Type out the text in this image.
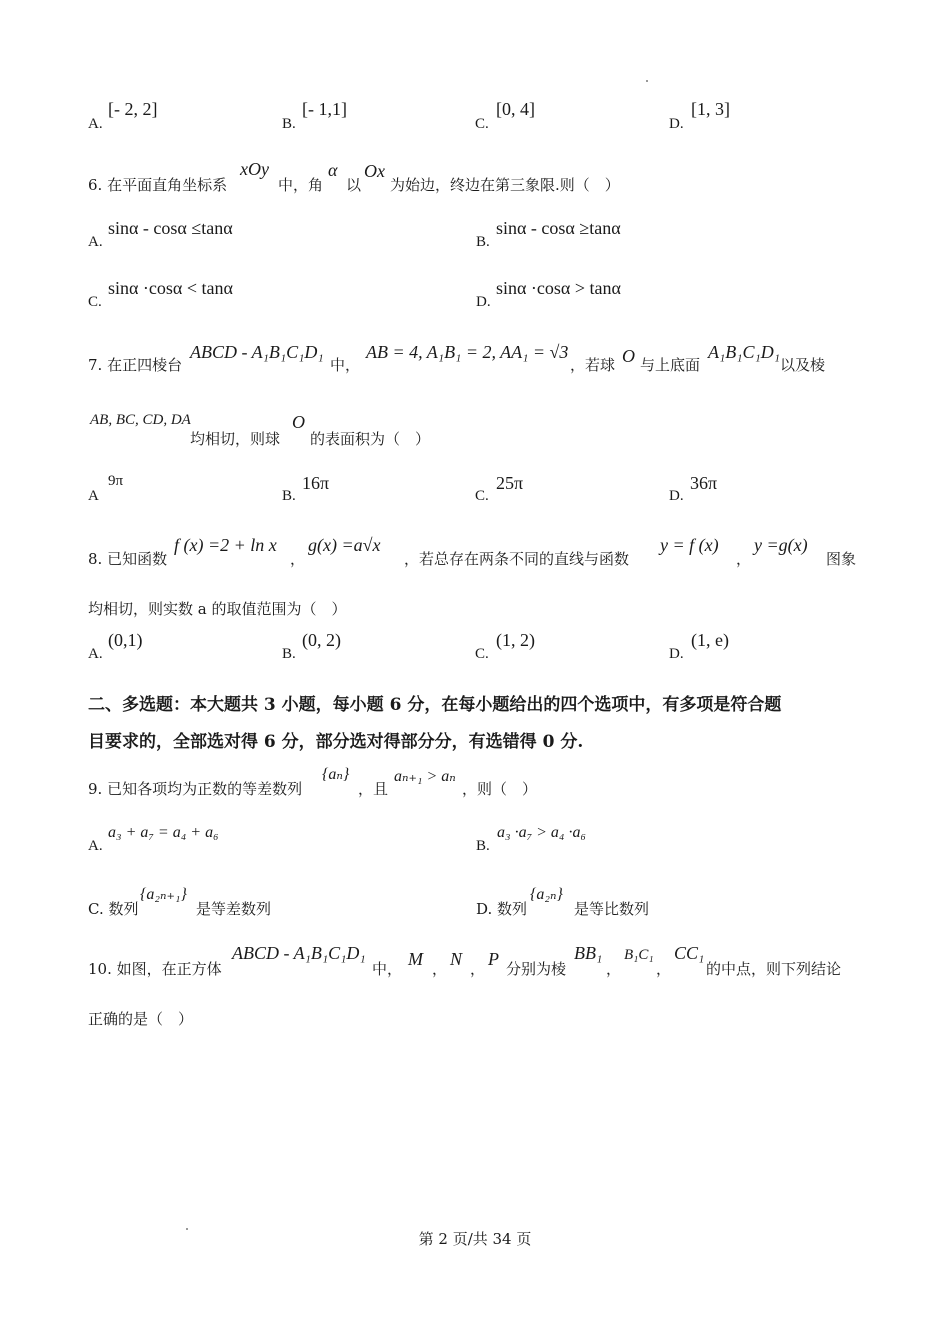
A.
[- 2, 2]
B.
[- 1,1]
C.
[0, 4]
D.
[1, 3]
6. 在平面直角坐标系
xOy
中，角
α
以
Ox
为始边，终边在第三象限.则（　）
A.
sinα - cosα ≤tanα
B.
sinα - cosα ≥tanα
C.
sinα ·cosα < tanα
D.
sinα ·cosα > tanα
7. 在正四棱台
ABCD - A₁B₁C₁D₁
中，
AB = 4, A₁B₁ = 2, AA₁ = √3
，若球 O 与上底面
A₁B₁C₁D₁
以及棱
AB, BC, CD, DA
均相切，则球
O
的表面积为（　）
A
9π
B.
16π
C.
25π
D.
36π
8. 已知函数
f (x) =2 + ln x
，
g(x) =a√x
，若总存在两条不同的直线与函数
y = f (x)
，
y =g(x)
图象
均相切，则实数 a 的取值范围为（　）
A.
(0,1)
B.
(0, 2)
C.
(1, 2)
D.
(1, e)
二、多选题：本大题共 3 小题，每小题 6 分，在每小题给出的四个选项中，有多项是符合题
目要求的，全部选对得 6 分，部分选对得部分分，有选错得 0 分.
9. 已知各项均为正数的等差数列
{aₙ}
，且
aₙ₊₁ > aₙ
，则（　）
A.
a₃ + a₇ = a₄ + a₆
B.
a₃ ·a₇ > a₄ ·a₆
C. 数列
{a₂ₙ₊₁}
是等差数列	D. 数列
{a₂ₙ}
是等比数列
10. 如图，在正方体
ABCD - A₁B₁C₁D₁
中， M ， N ， P 分别为棱
BB₁
，
B₁C₁
，
CC₁
的中点，则下列结论
正确的是（　）
第 2 页/共 34 页
